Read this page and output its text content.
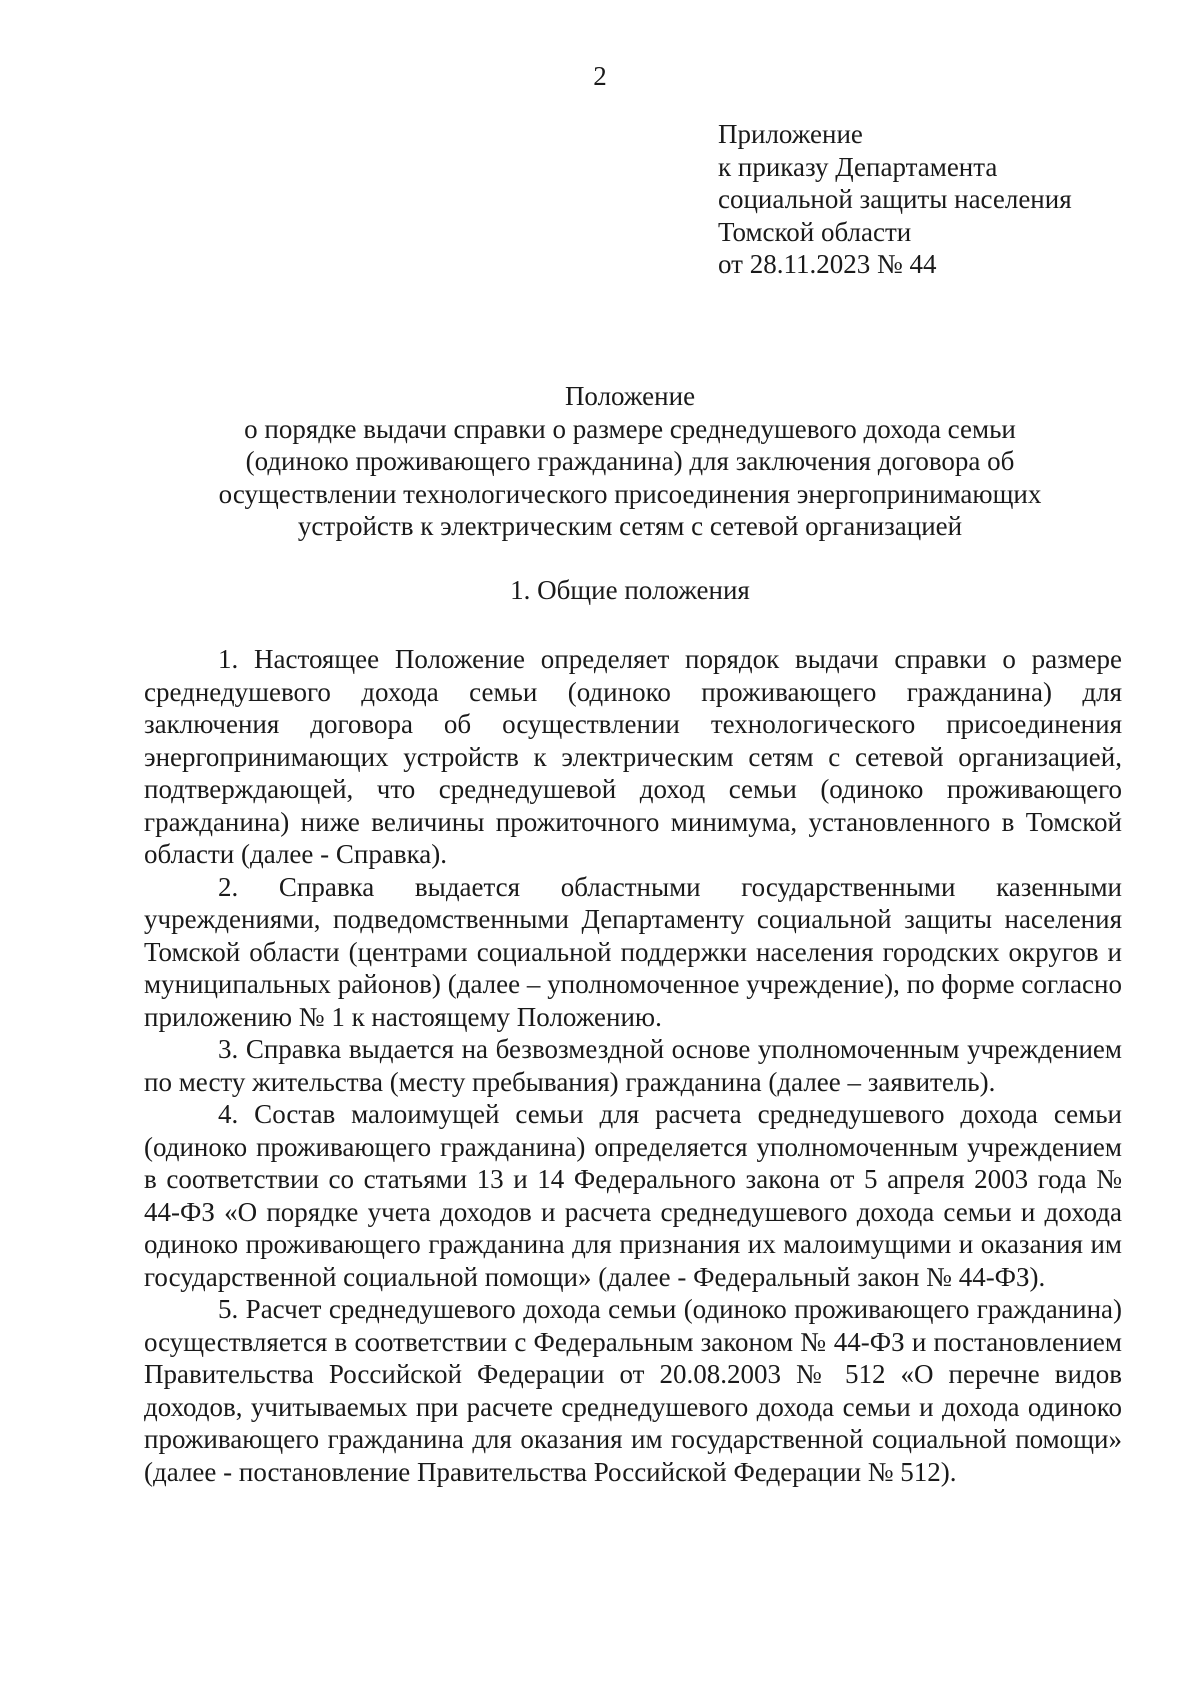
2
Приложение
к приказу Департамента
социальной защиты населения
Томской области
от 28.11.2023 № 44
Положение
о порядке выдачи справки о размере среднедушевого дохода семьи
(одиноко проживающего гражданина) для заключения договора об
осуществлении технологического присоединения энергопринимающих
устройств к электрическим сетям с сетевой организацией
1. Общие положения

1. Настоящее Положение определяет порядок выдачи справки о размере среднедушевого дохода семьи (одиноко проживающего гражданина) для заключения договора об осуществлении технологического присоединения энергопринимающих устройств к электрическим сетям с сетевой организацией, подтверждающей, что среднедушевой доход семьи (одиноко проживающего гражданина) ниже величины прожиточного минимума, установленного в Томской области (далее - Справка).

2. Справка выдается областными государственными казенными учреждениями, подведомственными Департаменту социальной защиты населения Томской области (центрами социальной поддержки населения городских округов и муниципальных районов) (далее – уполномоченное учреждение), по форме согласно приложению № 1 к настоящему Положению.

3. Справка выдается на безвозмездной основе уполномоченным учреждением по месту жительства (месту пребывания) гражданина (далее – заявитель).

4. Состав малоимущей семьи для расчета среднедушевого дохода семьи (одиноко проживающего гражданина) определяется уполномоченным учреждением в соответствии со статьями 13 и 14 Федерального закона от 5 апреля 2003 года № 44-ФЗ «О порядке учета доходов и расчета среднедушевого дохода семьи и дохода одиноко проживающего гражданина для признания их малоимущими и оказания им государственной социальной помощи» (далее - Федеральный закон № 44-ФЗ).

5. Расчет среднедушевого дохода семьи (одиноко проживающего гражданина) осуществляется в соответствии с Федеральным законом № 44-ФЗ и постановлением Правительства Российской Федерации от 20.08.2003 № 512 «О перечне видов доходов, учитываемых при расчете среднедушевого дохода семьи и дохода одиноко проживающего гражданина для оказания им государственной социальной помощи» (далее - постановление Правительства Российской Федерации № 512).
